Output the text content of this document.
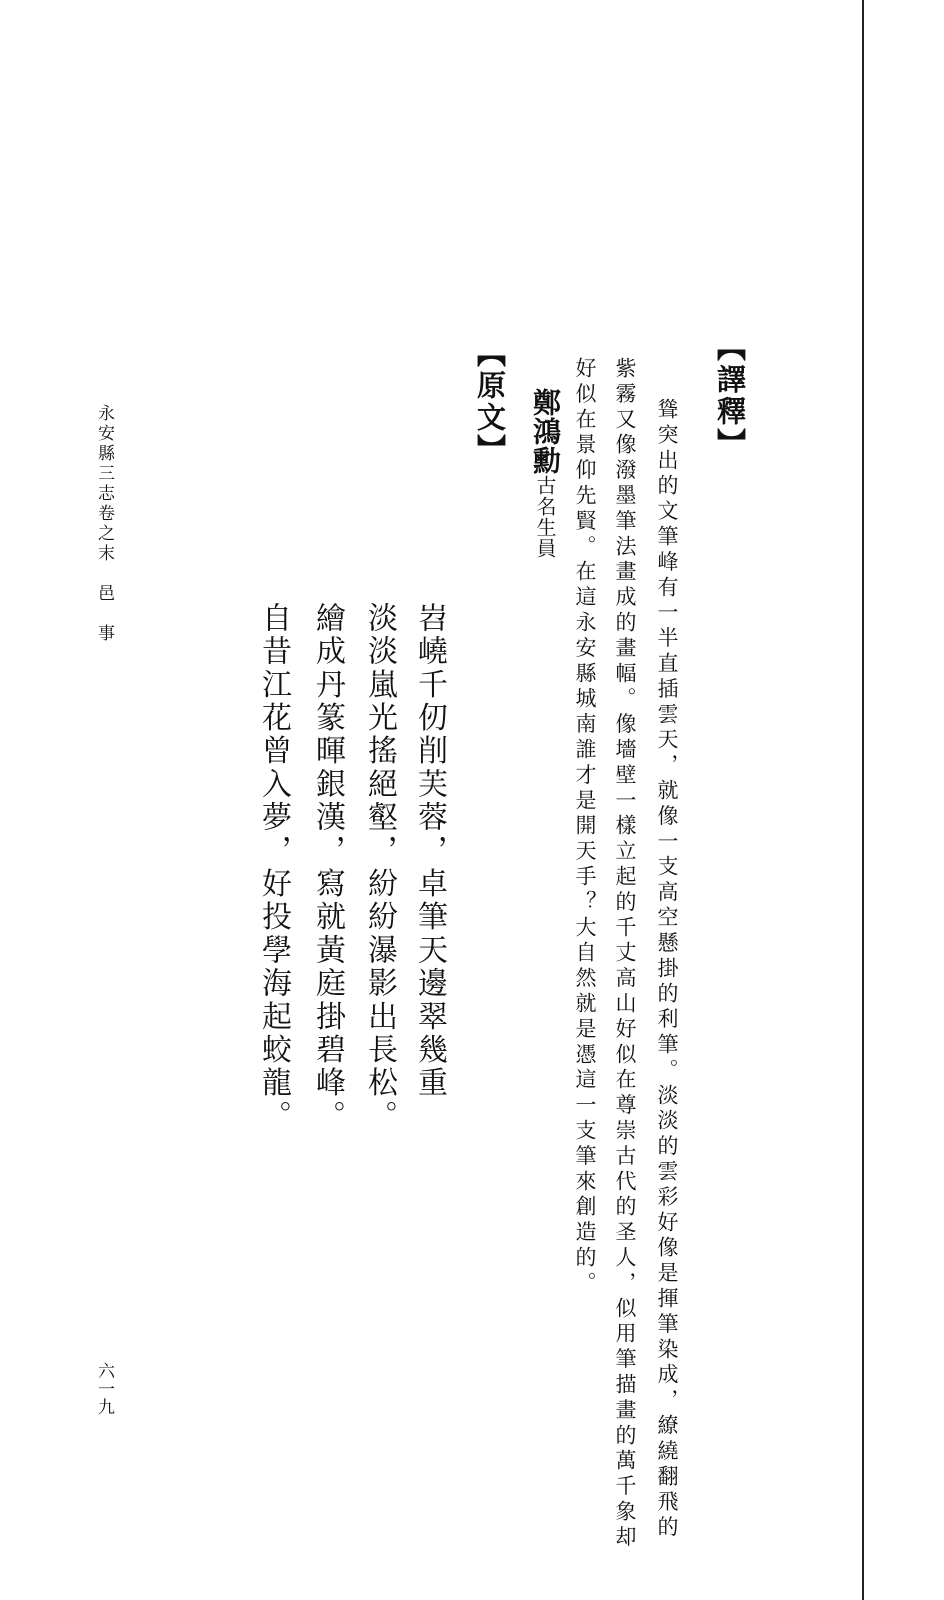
【譯釋】
聳突出的文筆峰有一半直插雲天，就像一支高空懸掛的利筆。淡淡的雲彩好像是揮筆染成，繚繞翻飛的
紫霧又像潑墨筆法畫成的畫幅。像墻壁一樣立起的千丈高山好似在尊崇古代的圣人，似用筆描畫的萬千象却
好似在景仰先賢。在這永安縣城南誰才是開天手？大自然就是憑這一支筆來創造的。
鄭鴻勳古名生員
【原文】
岧嶢千仞削芙蓉，卓筆天邊翠幾重
淡淡嵐光搖絕壑，紛紛瀑影出長松。
繪成丹篆暉銀漢，寫就黃庭掛碧峰。
自昔江花曾入夢，好投學海起蛟龍。
永安縣三志卷之末　邑　事
六一九
